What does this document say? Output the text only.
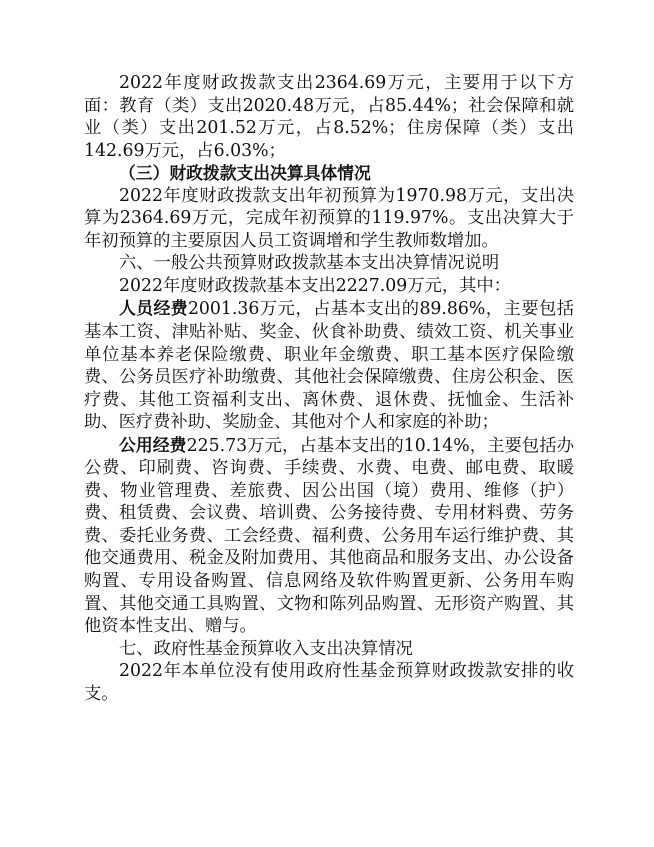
2022年度财政拨款支出2364.69万元，主要用于以下方面：教育（类）支出2020.48万元，占85.44%；社会保障和就业（类）支出201.52万元，占8.52%；住房保障（类）支出142.69万元，占6.03%；

（三）财政拨款支出决算具体情况

2022年度财政拨款支出年初预算为1970.98万元，支出决算为2364.69万元，完成年初预算的119.97%。支出决算大于年初预算的主要原因人员工资调增和学生教师数增加。

六、一般公共预算财政拨款基本支出决算情况说明

2022年度财政拨款基本支出2227.09万元，其中：

人员经费2001.36万元，占基本支出的89.86%，主要包括基本工资、津贴补贴、奖金、伙食补助费、绩效工资、机关事业单位基本养老保险缴费、职业年金缴费、职工基本医疗保险缴费、公务员医疗补助缴费、其他社会保障缴费、住房公积金、医疗费、其他工资福利支出、离休费、退休费、抚恤金、生活补助、医疗费补助、奖励金、其他对个人和家庭的补助；

公用经费225.73万元，占基本支出的10.14%，主要包括办公费、印刷费、咨询费、手续费、水费、电费、邮电费、取暖费、物业管理费、差旅费、因公出国（境）费用、维修（护）费、租赁费、会议费、培训费、公务接待费、专用材料费、劳务费、委托业务费、工会经费、福利费、公务用车运行维护费、其他交通费用、税金及附加费用、其他商品和服务支出、办公设备购置、专用设备购置、信息网络及软件购置更新、公务用车购置、其他交通工具购置、文物和陈列品购置、无形资产购置、其他资本性支出、赠与。

七、政府性基金预算收入支出决算情况

2022年本单位没有使用政府性基金预算财政拨款安排的收支。
